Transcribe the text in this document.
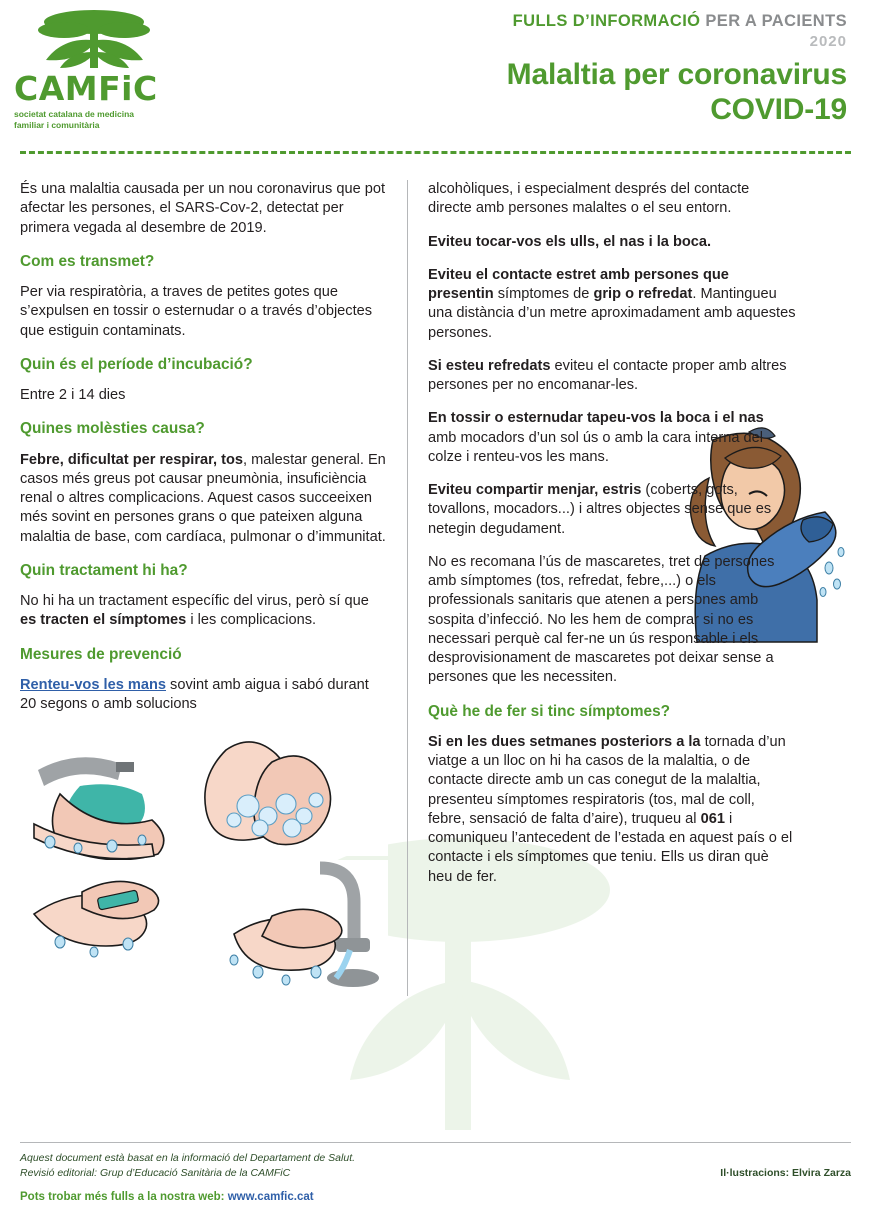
CAMFiC
societat catalana de medicina
familiar i comunitària
FULLS D’INFORMACIÓ PER A PACIENTS
2020
Malaltia per coronavirus
COVID-19

És una malaltia causada per un nou coronavirus que pot afectar les persones, el SARS-Cov-2, detectat per primera vegada al desembre de 2019.

Com es transmet?

Per via respiratòria, a traves de petites gotes que s’expulsen en tossir o esternudar o a través d’objectes que estiguin contaminats.

Quin és el període d’incubació?

Entre 2 i 14 dies

Quines molèsties causa?

Febre, dificultat per respirar, tos, malestar general. En casos més greus pot causar pneumònia, insuficiència renal o altres complicacions. Aquest casos succeeixen més sovint en persones grans o que pateixen alguna malaltia de base, com cardíaca, pulmonar o d’immunitat.

Quin tractament hi ha?

No hi ha un tractament específic del virus, però sí que es tracten el símptomes i les complicacions.

Mesures de prevenció

Renteu-vos les mans sovint amb aigua i sabó durant 20 segons o amb solucions

alcohòliques, i especialment després del contacte directe amb persones malaltes o el seu entorn.

Eviteu tocar-vos els ulls, el nas i la boca.

Eviteu el contacte estret amb persones que presentin símptomes de grip o refredat. Mantingueu una distància d’un metre aproximadament amb aquestes persones.

Si esteu refredats eviteu el contacte proper amb altres persones per no encomanar-les.

En tossir o esternudar tapeu-vos la boca i el nas amb mocadors d’un sol ús o amb la cara interna del colze i renteu-vos les mans.

Eviteu compartir menjar, estris (coberts, gots, tovallons, mocadors...) i altres objectes sense que es netegin degudament.

No es recomana l’ús de mascaretes, tret de persones amb símptomes (tos, refredat, febre,...) o els professionals sanitaris que atenen a persones amb sospita d’infecció. No les hem de comprar si no es necessari perquè cal fer-ne un ús responsable i els desprovisionament de mascaretes pot deixar sense a persones que les necessiten.

Què he de fer si tinc símptomes?

Si en les dues setmanes posteriors a la tornada d’un viatge a un lloc on hi ha casos de la malaltia, o de contacte directe amb un cas conegut de la malaltia, presenteu símptomes respiratoris (tos, mal de coll, febre, sensació de falta d’aire), truqueu al 061 i comuniqueu l’antecedent de l’estada en aquest país o el contacte i els símptomes que teniu. Ells us diran què heu de fer.

Aquest document està basat en la informació del Departament de Salut.
Revisió editorial: Grup d’Educació Sanitària de la CAMFiC	Il·lustracions: Elvira Zarza
Pots trobar més fulls a la nostra web: www.camfic.cat
